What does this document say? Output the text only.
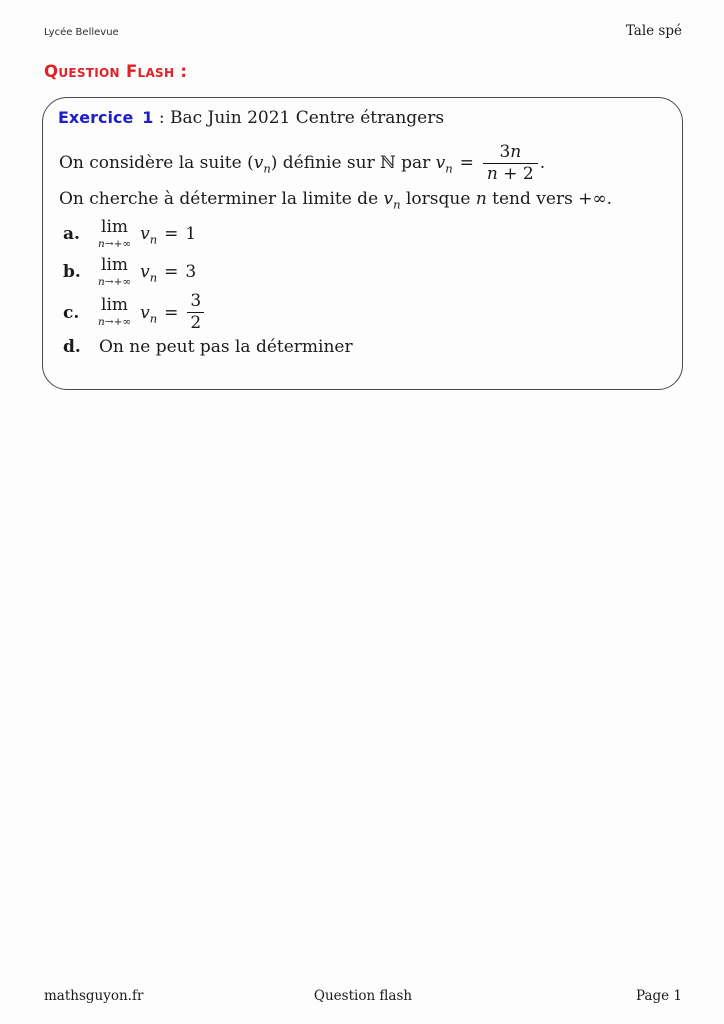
Lycée Bellevue	Tale spé
Question Flash :
Exercice 1 : Bac Juin 2021 Centre étrangers
On considère la suite $(v_n)$ définie sur ℕ par $v_n = \frac{3n}{n + 2}$ .
On cherche à déterminer la limite de $v_n$ lorsque n tend vers +∞.
a.	lim
n→+∞ $v_n = 1$
b.	lim
n→+∞ $v_n = 3$
c.	lim
n→+∞ $v_n = \frac{3}{2}$
d.	On ne peut pas la déterminer
mathsguyon.fr	Question flash	Page 1
